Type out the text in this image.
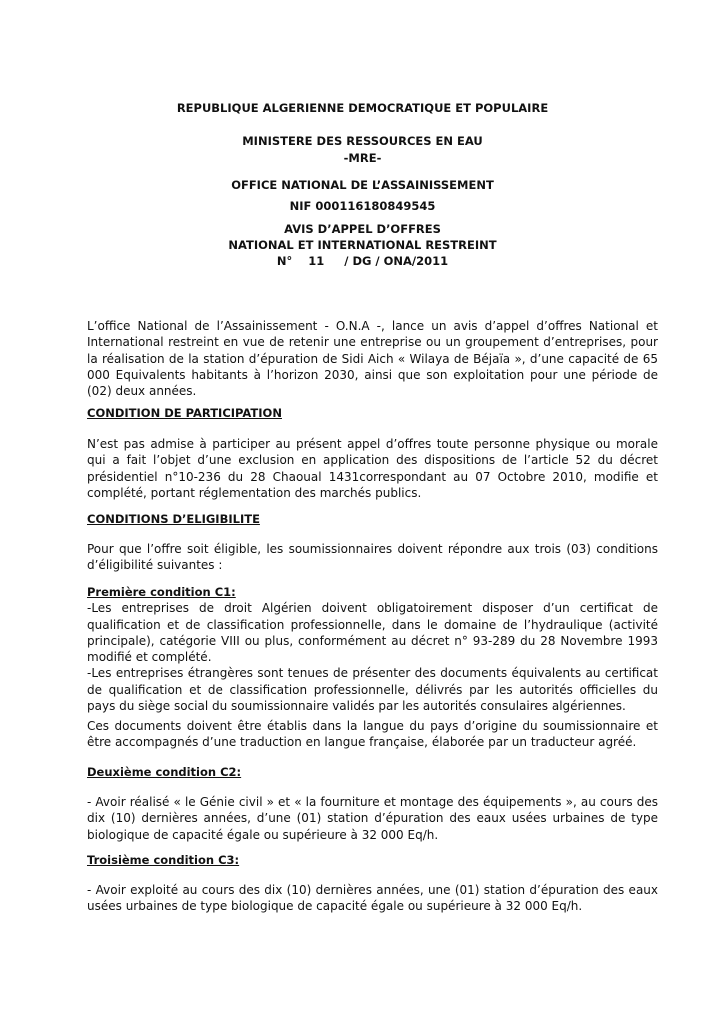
REPUBLIQUE ALGERIENNE DEMOCRATIQUE ET POPULAIRE
MINISTERE DES RESSOURCES EN EAU
-MRE-
OFFICE NATIONAL DE L’ASSAINISSEMENT
NIF 000116180849545
AVIS D’APPEL D’OFFRES
NATIONAL ET INTERNATIONAL RESTREINT
N°    11     / DG / ONA/2011

L’office National de l’Assainissement - O.N.A -, lance un avis d’appel d’offres National et International restreint en vue de retenir une entreprise ou un groupement d’entreprises, pour la réalisation de la station d’épuration de Sidi Aich « Wilaya de Béjaïa », d’une capacité de 65 000 Equivalents habitants à l’horizon 2030, ainsi que son exploitation pour une période de (02) deux années.

CONDITION DE PARTICIPATION

N’est pas admise à participer au présent appel d’offres toute personne physique ou morale qui a fait l’objet d’une exclusion en application des dispositions de l’article 52 du décret présidentiel n°10-236 du 28 Chaoual 1431correspondant au 07 Octobre 2010, modifie et complété, portant réglementation des marchés publics.

CONDITIONS D’ELIGIBILITE

Pour que l’offre soit éligible, les soumissionnaires doivent répondre aux trois (03) conditions d’éligibilité suivantes :

Première condition C1:

-Les entreprises de droit Algérien doivent obligatoirement disposer d’un certificat de qualification et de classification professionnelle, dans le domaine de l’hydraulique (activité principale), catégorie VIII ou plus, conformément au décret n° 93-289 du 28 Novembre 1993 modifié et complété.

-Les entreprises étrangères sont tenues de présenter des documents équivalents au certificat de qualification et de classification professionnelle, délivrés par les autorités officielles du pays du siège social du soumissionnaire validés par les autorités consulaires algériennes.

Ces documents doivent être établis dans la langue du pays d’origine du soumissionnaire et être accompagnés d’une traduction en langue française, élaborée par un traducteur agréé.

Deuxième condition C2:

- Avoir réalisé « le Génie civil » et « la fourniture et montage des équipements », au cours des dix (10) dernières années, d’une (01) station d’épuration des eaux usées urbaines de type biologique de capacité égale ou supérieure à 32 000 Eq/h.

Troisième condition C3:

- Avoir exploité au cours des dix (10) dernières années, une (01) station d’épuration des eaux usées urbaines de type biologique de capacité égale ou supérieure à 32 000 Eq/h.
